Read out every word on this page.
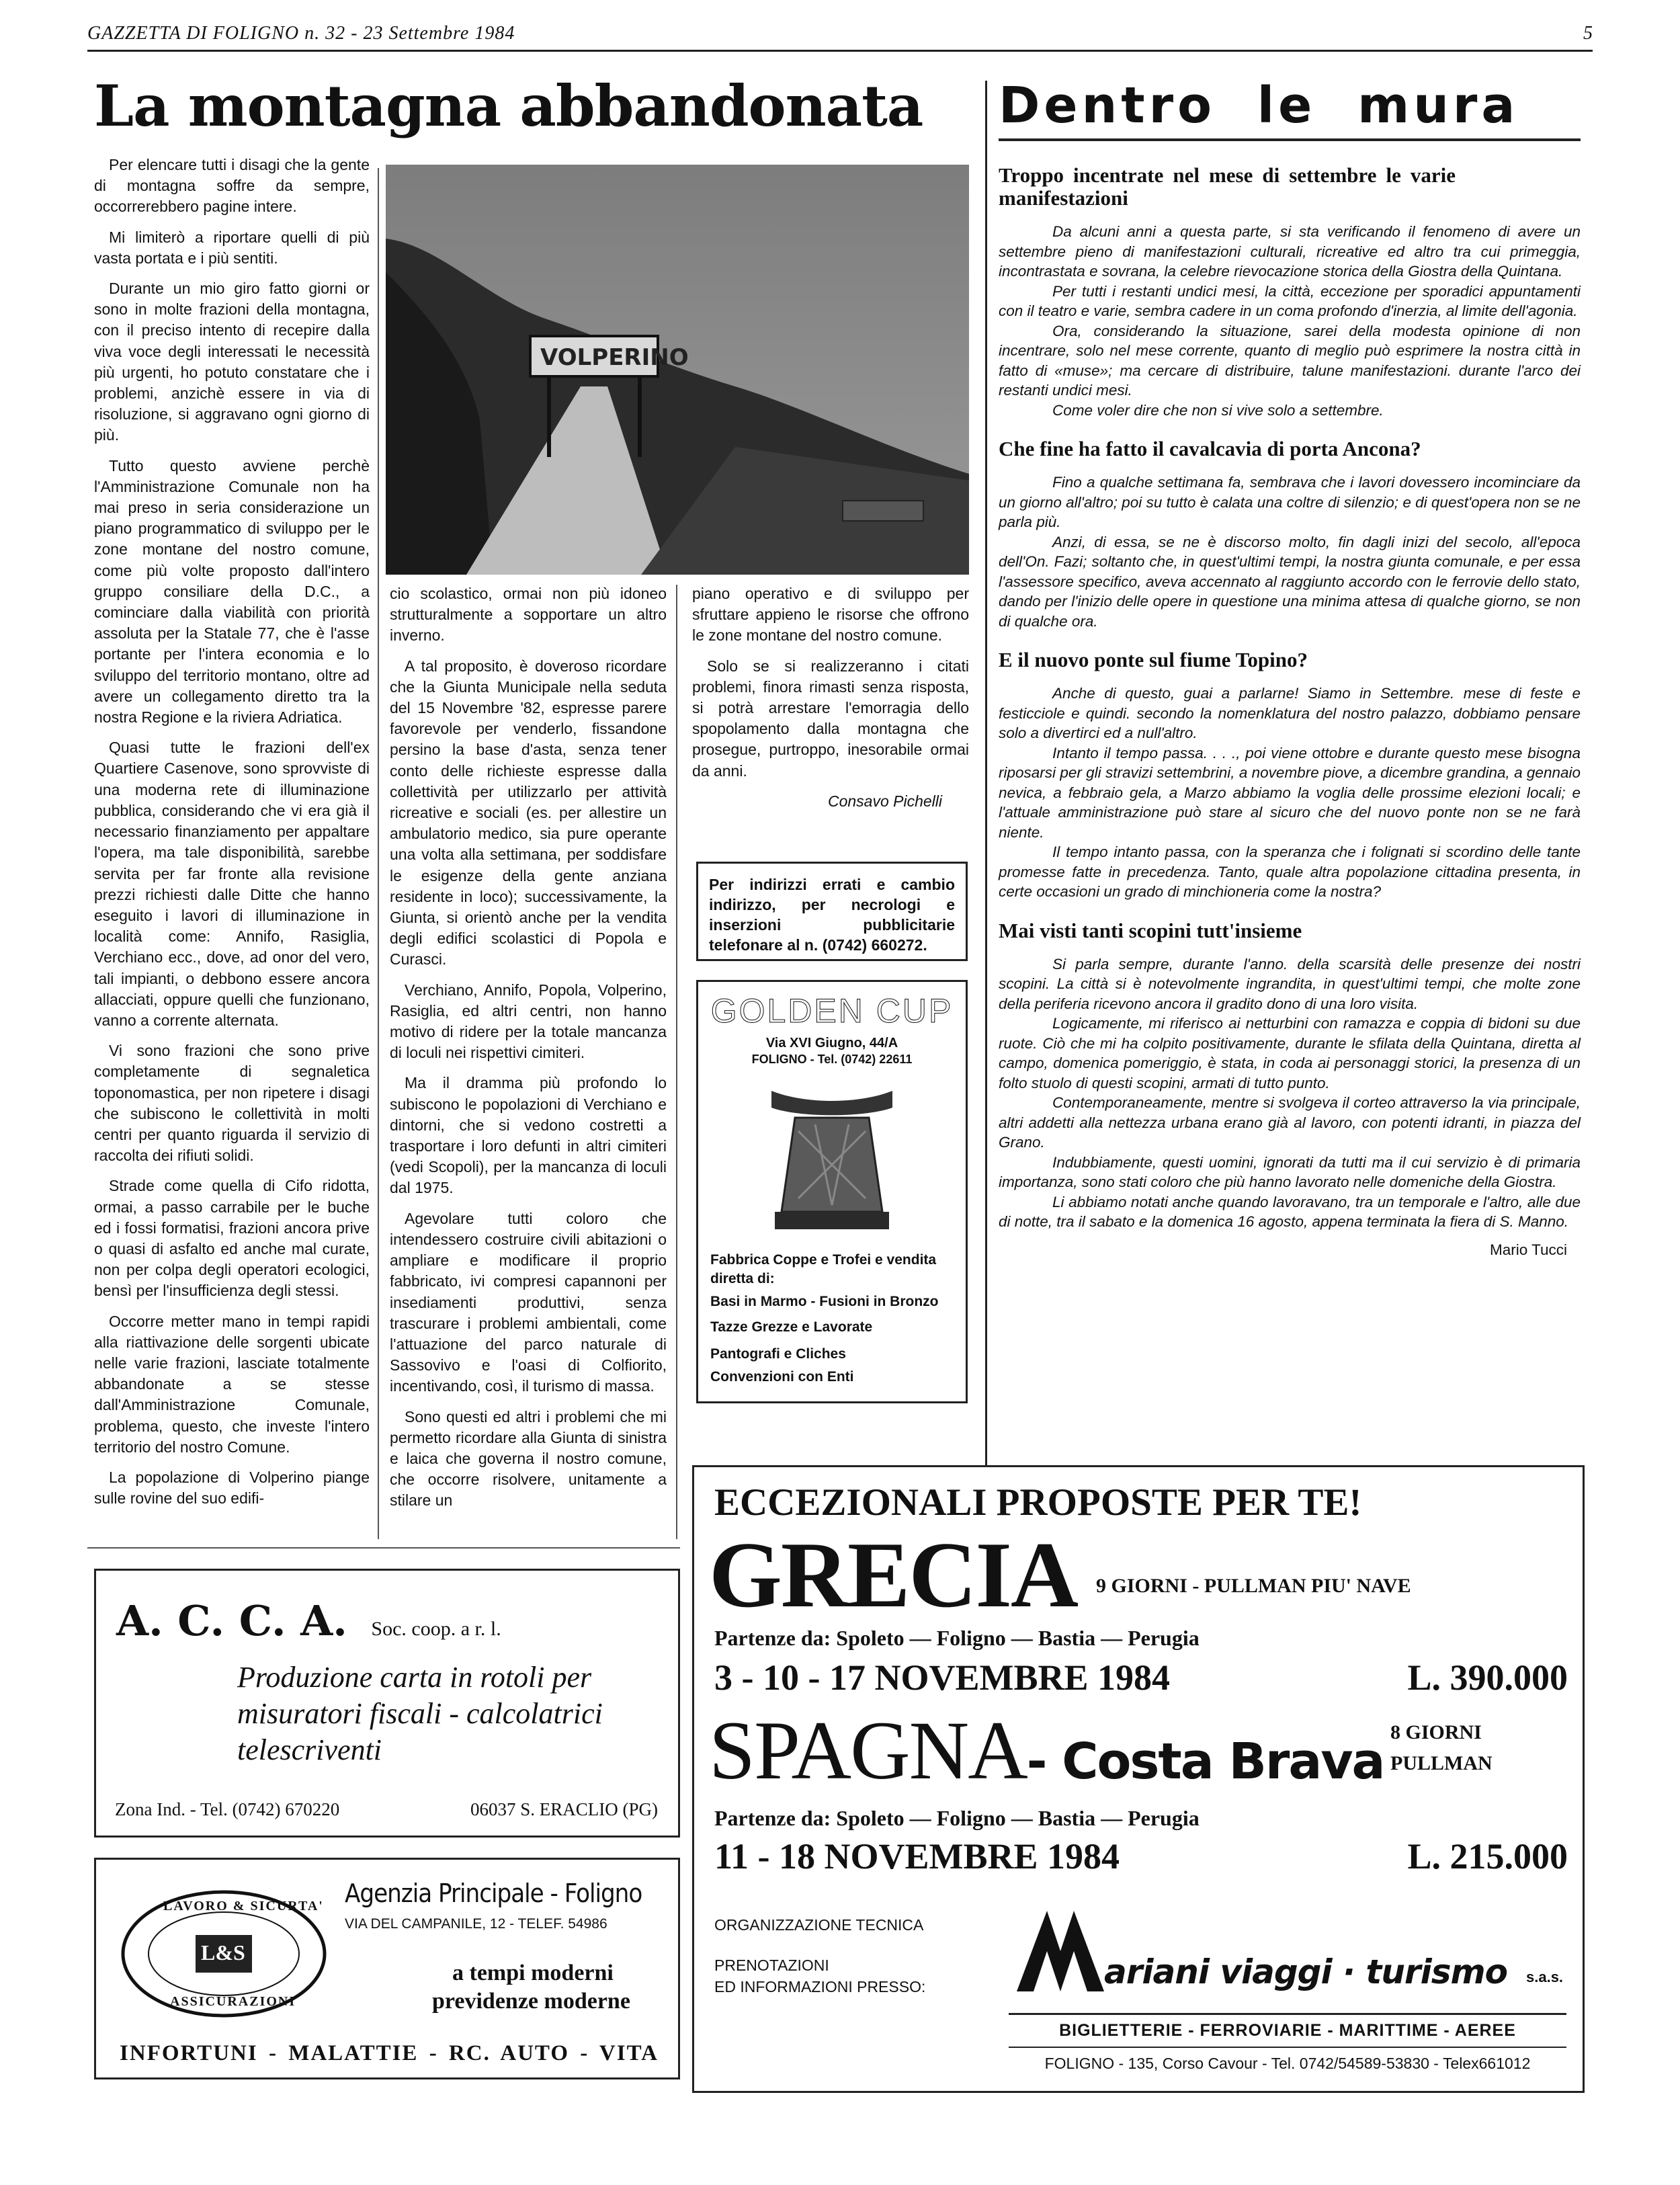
GAZZETTA DI FOLIGNO n. 32 - 23 Settembre 1984	5
La montagna abbandonata

Per elencare tutti i disagi che la gente di montagna soffre da sempre, occorrerebbero pagine intere.

Mi limiterò a riportare quelli di più vasta portata e i più sentiti.

Durante un mio giro fatto giorni or sono in molte frazioni della montagna, con il preciso intento di recepire dalla viva voce degli interessati le necessità più urgenti, ho potuto constatare che i problemi, anzichè essere in via di risoluzione, si aggravano ogni giorno di più.

Tutto questo avviene perchè l'Amministrazione Comunale non ha mai preso in seria considerazione un piano programmatico di sviluppo per le zone montane del nostro comune, come più volte proposto dall'intero gruppo consiliare della D.C., a cominciare dalla viabilità con priorità assoluta per la Statale 77, che è l'asse portante per l'intera economia e lo sviluppo del territorio montano, oltre ad avere un collegamento diretto tra la nostra Regione e la riviera Adriatica.

Quasi tutte le frazioni dell'ex Quartiere Casenove, sono sprovviste di una moderna rete di illuminazione pubblica, considerando che vi era già il necessario finanziamento per appaltare l'opera, ma tale disponibilità, sarebbe servita per far fronte alla revisione prezzi richiesti dalle Ditte che hanno eseguito i lavori di illuminazione in località come: Annifo, Rasiglia, Verchiano ecc., dove, ad onor del vero, tali impianti, o debbono essere ancora allacciati, oppure quelli che funzionano, vanno a corrente alternata.

Vi sono frazioni che sono prive completamente di segnaletica toponomastica, per non ripetere i disagi che subiscono le collettività in molti centri per quanto riguarda il servizio di raccolta dei rifiuti solidi.

Strade come quella di Cifo ridotta, ormai, a passo carrabile per le buche ed i fossi formatisi, frazioni ancora prive o quasi di asfalto ed anche mal curate, non per colpa degli operatori ecologici, bensì per l'insufficienza degli stessi.

Occorre metter mano in tempi rapidi alla riattivazione delle sorgenti ubicate nelle varie frazioni, lasciate totalmente abbandonate a se stesse dall'Amministrazione Comunale, problema, questo, che investe l'intero territorio del nostro Comune.

La popolazione di Volperino piange sulle rovine del suo edifi-

VOLPERINO

cio scolastico, ormai non più idoneo strutturalmente a sopportare un altro inverno.

A tal proposito, è doveroso ricordare che la Giunta Municipale nella seduta del 15 Novembre '82, espresse parere favorevole per venderlo, fissandone persino la base d'asta, senza tener conto delle richieste espresse dalla collettività per utilizzarlo per attività ricreative e sociali (es. per allestire un ambulatorio medico, sia pure operante una volta alla settimana, per soddisfare le esigenze della gente anziana residente in loco); successivamente, la Giunta, si orientò anche per la vendita degli edifici scolastici di Popola e Curasci.

Verchiano, Annifo, Popola, Volperino, Rasiglia, ed altri centri, non hanno motivo di ridere per la totale mancanza di loculi nei rispettivi cimiteri.

Ma il dramma più profondo lo subiscono le popolazioni di Verchiano e dintorni, che si vedono costretti a trasportare i loro defunti in altri cimiteri (vedi Scopoli), per la mancanza di loculi dal 1975.

Agevolare tutti coloro che intendessero costruire civili abitazioni o ampliare e modificare il proprio fabbricato, ivi compresi capannoni per insediamenti produttivi, senza trascurare i problemi ambientali, come l'attuazione del parco naturale di Sassovivo e l'oasi di Colfiorito, incentivando, così, il turismo di massa.

Sono questi ed altri i problemi che mi permetto ricordare alla Giunta di sinistra e laica che governa il nostro comune, che occorre risolvere, unitamente a stilare un

piano operativo e di sviluppo per sfruttare appieno le risorse che offrono le zone montane del nostro comune.

Solo se si realizzeranno i citati problemi, finora rimasti senza risposta, si potrà arrestare l'emorragia dello spopolamento dalla montagna che prosegue, purtroppo, inesorabile ormai da anni.

Consavo Pichelli

Per indirizzi errati e cambio indirizzo, per necrologi e inserzioni pubblicitarie telefonare al n. (0742) 660272.
GOLDEN CUP
Via XVI Giugno, 44/A
FOLIGNO - Tel. (0742) 22611
Fabbrica Coppe e Trofei e vendita diretta di:
Basi in Marmo - Fusioni in Bronzo
Tazze Grezze e Lavorate
Pantografi e Cliches
Convenzioni con Enti
Dentro le mura
Troppo incentrate nel mese di settembre le varie manifestazioni

Da alcuni anni a questa parte, si sta verificando il fenomeno di avere un settembre pieno di manifestazioni culturali, ricreative ed altro tra cui primeggia, incontrastata e sovrana, la celebre rievocazione storica della Giostra della Quintana.

Per tutti i restanti undici mesi, la città, eccezione per sporadici appuntamenti con il teatro e varie, sembra cadere in un coma profondo d'inerzia, al limite dell'agonia.

Ora, considerando la situazione, sarei della modesta opinione di non incentrare, solo nel mese corrente, quanto di meglio può esprimere la nostra città in fatto di «muse»; ma cercare di distribuire, talune manifestazioni. durante l'arco dei restanti undici mesi.

Come voler dire che non si vive solo a settembre.

Che fine ha fatto il cavalcavia di porta Ancona?

Fino a qualche settimana fa, sembrava che i lavori dovessero incominciare da un giorno all'altro; poi su tutto è calata una coltre di silenzio; e di quest'opera non se ne parla più.

Anzi, di essa, se ne è discorso molto, fin dagli inizi del secolo, all'epoca dell'On. Fazi; soltanto che, in quest'ultimi tempi, la nostra giunta comunale, e per essa l'assessore specifico, aveva accennato al raggiunto accordo con le ferrovie dello stato, dando per l'inizio delle opere in questione una minima attesa di qualche giorno, se non di qualche ora.

E il nuovo ponte sul fiume Topino?

Anche di questo, guai a parlarne! Siamo in Settembre. mese di feste e festicciole e quindi. secondo la nomenklatura del nostro palazzo, dobbiamo pensare solo a divertirci ed a null'altro.

Intanto il tempo passa. . . ., poi viene ottobre e durante questo mese bisogna riposarsi per gli stravizi settembrini, a novembre piove, a dicembre grandina, a gennaio nevica, a febbraio gela, a Marzo abbiamo la voglia delle prossime elezioni locali; e l'attuale amministrazione può stare al sicuro che del nuovo ponte non se ne farà niente.

Il tempo intanto passa, con la speranza che i folignati si scordino delle tante promesse fatte in precedenza. Tanto, quale altra popolazione cittadina presenta, in certe occasioni un grado di minchioneria come la nostra?

Mai visti tanti scopini tutt'insieme

Si parla sempre, durante l'anno. della scarsità delle presenze dei nostri scopini. La città si è notevolmente ingrandita, in quest'ultimi tempi, che molte zone della periferia ricevono ancora il gradito dono di una loro visita.

Logicamente, mi riferisco ai netturbini con ramazza e coppia di bidoni su due ruote. Ciò che mi ha colpito positivamente, durante le sfilata della Quintana, diretta al campo, domenica pomeriggio, è stata, in coda ai personaggi storici, la presenza di un folto stuolo di questi scopini, armati di tutto punto.

Contemporaneamente, mentre si svolgeva il corteo attraverso la via principale, altri addetti alla nettezza urbana erano già al lavoro, con potenti idranti, in piazza del Grano.

Indubbiamente, questi uomini, ignorati da tutti ma il cui servizio è di primaria importanza, sono stati coloro che più hanno lavorato nelle domeniche della Giostra.

Li abbiamo notati anche quando lavoravano, tra un temporale e l'altro, alle due di notte, tra il sabato e la domenica 16 agosto, appena terminata la fiera di S. Manno.

Mario Tucci
A. C. C. A. Soc. coop. a r. l.
Produzione carta in rotoli per misuratori fiscali - calcolatrici telescriventi
Zona Ind. - Tel. (0742) 670220	06037 S. ERACLIO (PG)
LAVORO & SICURTA'
L&S
ASSICURAZIONI
Agenzia Principale - Foligno
VIA DEL CAMPANILE, 12 - TELEF. 54986
a tempi moderni
previdenze moderne
INFORTUNI - MALATTIE - RC. AUTO - VITA
ECCEZIONALI PROPOSTE PER TE!
GRECIA 9 GIORNI - PULLMAN PIU' NAVE
Partenze da: Spoleto — Foligno — Bastia — Perugia
3 - 10 - 17 NOVEMBRE 1984	L. 390.000
SPAGNA- Costa Brava
8 GIORNI
PULLMAN
Partenze da: Spoleto — Foligno — Bastia — Perugia
11 - 18 NOVEMBRE 1984	L. 215.000
ORGANIZZAZIONE TECNICA
PRENOTAZIONI
ED INFORMAZIONI PRESSO:	ariani viaggi · turismo s.a.s.
BIGLIETTERIE - FERROVIARIE - MARITTIME - AEREE
FOLIGNO - 135, Corso Cavour - Tel. 0742/54589-53830 - Telex661012
